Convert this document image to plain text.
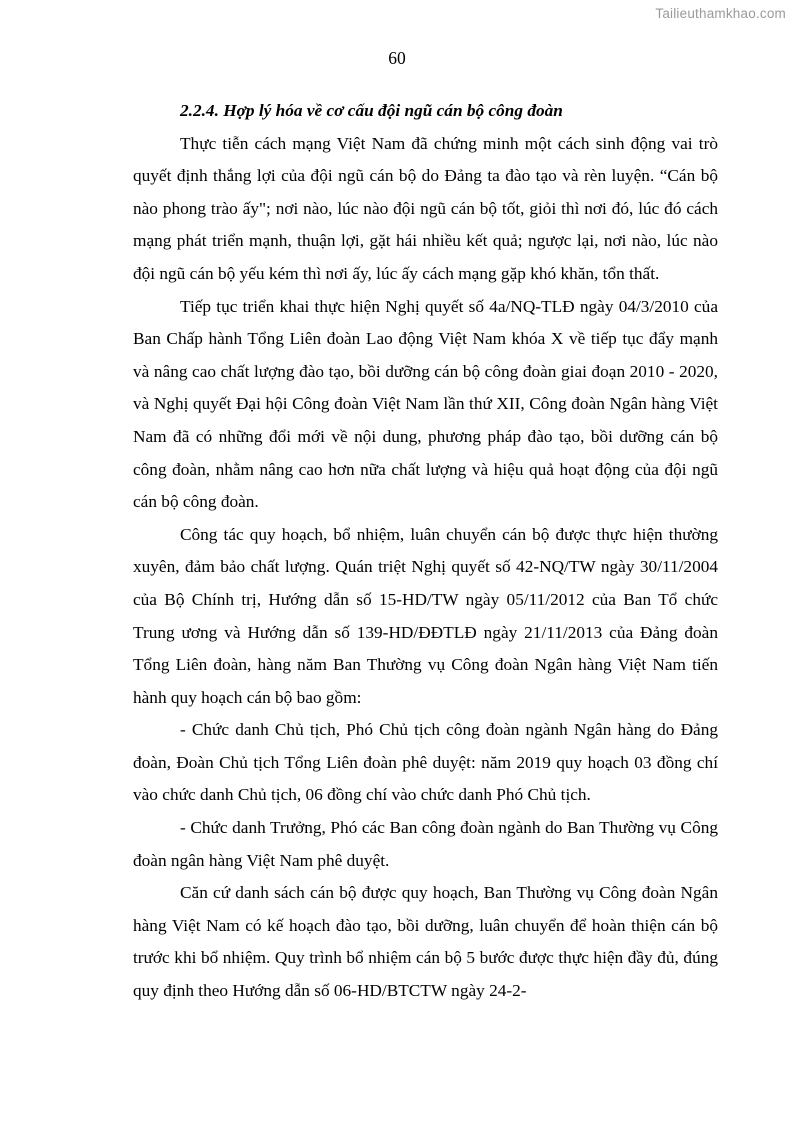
Tailieuthamkhao.com
60

2.2.4. Hợp lý hóa về cơ cấu đội ngũ cán bộ công đoàn

Thực tiễn cách mạng Việt Nam đã chứng minh một cách sinh động vai trò quyết định thắng lợi của đội ngũ cán bộ do Đảng ta đào tạo và rèn luyện. “Cán bộ nào phong trào ấy"; nơi nào, lúc nào đội ngũ cán bộ tốt, giỏi thì nơi đó, lúc đó cách mạng phát triển mạnh, thuận lợi, gặt hái nhiều kết quả; ngược lại, nơi nào, lúc nào đội ngũ cán bộ yếu kém thì nơi ấy, lúc ấy cách mạng gặp khó khăn, tổn thất.

Tiếp tục triển khai thực hiện Nghị quyết số 4a/NQ-TLĐ ngày 04/3/2010 của Ban Chấp hành Tổng Liên đoàn Lao động Việt Nam khóa X về tiếp tục đẩy mạnh và nâng cao chất lượng đào tạo, bồi dưỡng cán bộ công đoàn giai đoạn 2010 - 2020, và Nghị quyết Đại hội Công đoàn Việt Nam lần thứ XII, Công đoàn Ngân hàng Việt Nam đã có những đổi mới về nội dung, phương pháp đào tạo, bồi dưỡng cán bộ công đoàn, nhằm nâng cao hơn nữa chất lượng và hiệu quả hoạt động của đội ngũ cán bộ công đoàn.

Công tác quy hoạch, bổ nhiệm, luân chuyển cán bộ được thực hiện thường xuyên, đảm bảo chất lượng. Quán triệt Nghị quyết số 42-NQ/TW ngày 30/11/2004 của Bộ Chính trị, Hướng dẫn số 15-HD/TW ngày 05/11/2012 của Ban Tổ chức Trung ương và Hướng dẫn số 139-HD/ĐĐTLĐ ngày 21/11/2013 của Đảng đoàn Tổng Liên đoàn, hàng năm Ban Thường vụ Công đoàn Ngân hàng Việt Nam tiến hành quy hoạch cán bộ bao gồm:

- Chức danh Chủ tịch, Phó Chủ tịch công đoàn ngành Ngân hàng do Đảng đoàn, Đoàn Chủ tịch Tổng Liên đoàn phê duyệt: năm 2019 quy hoạch 03 đồng chí vào chức danh Chủ tịch, 06 đồng chí vào chức danh Phó Chủ tịch.

- Chức danh Trưởng, Phó các Ban công đoàn ngành do Ban Thường vụ Công đoàn ngân hàng Việt Nam phê duyệt.

Căn cứ danh sách cán bộ được quy hoạch, Ban Thường vụ Công đoàn Ngân hàng Việt Nam có kế hoạch đào tạo, bồi dưỡng, luân chuyển để hoàn thiện cán bộ trước khi bổ nhiệm. Quy trình bổ nhiệm cán bộ 5 bước được thực hiện đầy đủ, đúng quy định theo Hướng dẫn số 06-HD/BTCTW ngày 24-2-
